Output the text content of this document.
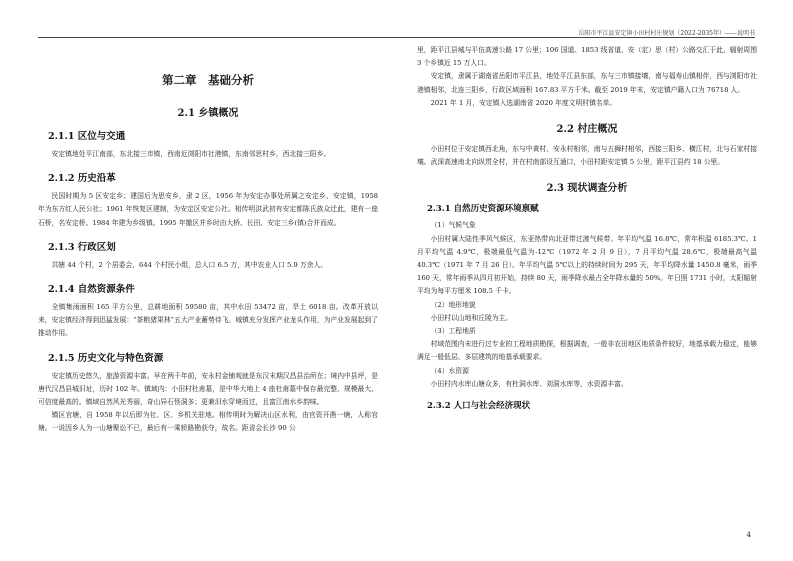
岳阳市平江县安定镇小田村村庄规划（2022-2035年）——说明书
第二章　基础分析
2.1 乡镇概况
2.1.1 区位与交通

安定镇地处平江南部，东北接三市镇，西南近浏阳市社港镇，东南邻思村乡，西北接三阳乡。

2.1.2 历史沿革

民国时期为 5 区安定乡；建国后为思安乡，隶 2 区，1956 年为安定办事处所属之安定乡、安定镇，1958 年为东方红人民公社；1961 年恢复区建制，为安定区安定公社。相传明洪武初有安定都陈氏族众迁此，建有一座石桥，名安定桥。1984 年建为乡级镇。1995 年撤区并乡时由大桥、长田、安定三乡(镇)合并而成。

2.1.3 行政区划

共辖 44 个村，2 个居委会，644 个村民小组，总人口 6.5 万，其中农业人口 5.9 万余人。

2.1.4 自然资源条件

全镇集雨面积 165 平方公里，总耕地面积 59580 亩，其中水田 53472 亩，旱土 6018 亩。改革开放以来，安定镇经济得到迅猛发展：“茶粮猪果林”五大产业蓄势待飞。城镇充分发挥产业龙头作用，为产业发展起到了推动作用。

2.1.5 历史文化与特色资源

安定镇历史悠久，旅游资源丰富。早在两千年前，安永村金铺观就是东汉末期汉昌县治所在；境内中县坪，是唐代汉昌县城旧址，历时 102 年。镇域内：小田村杜甫墓，是中华大地上 4 座杜甫墓中保存最完整、规模最大、可信度最高的。镇域自然风光秀丽，奇山异石怪洞多；更兼汨水穿境而过，且富江南水乡韵味。

镇区官塘，自 1958 年以后即为社、区、乡机关驻地。相传明时为解决山区水利，由官资开凿一塘，人称官塘。一说因乡人为一山塘聚讼不已，最后有一乘轿路勘获夺，故名。距省会长沙 90 公

里，距平江县城与平伍高速公路 17 公里；106 国道、1853 线省道、安（定）思（村）公路交汇于此，辐射周围 3 个乡镇近 15 万人口。

安定镇，隶属于湖南省岳阳市平江县，地处平江县东部，东与三市镇接壤，南与福寿山镇相伴，西与浏阳市社港镇相邻，北连三阳乡，行政区域面积 167.83 平方千米。截至 2019 年末，安定镇户籍人口为 76718 人。

2021 年 1 月，安定镇入选湖南省 2020 年度文明村镇名单。

2.2 村庄概况

小田村位于安定镇西北角，东与中黄村、安永村相邻，南与五狮村相邻，西接三阳乡、横江村，北与石家村接壤。武深高速南北向纵贯全村，并在村南部设互通口，小田村距安定镇 5 公里，距平江县约 18 公里。

2.3 现状调查分析
2.3.1 自然历史资源环境禀赋

（1）气候气象

小田村属大陆性季风气候区，东亚热带向北亚带过渡气候带。年平均气温 16.8℃，常年积温 6185.3℃。1 月平均气温 4.9℃，极端最低气温为-12℃（1972 年 2 月 9 日），7 月平均气温 28.6℃，极端最高气温 40.3℃（1971 年 7 月 26 日）。年平均气温 5℃以上的持续时间为 295 天，年平均降水量 1450.8 毫米，雨季 160 天，常年雨季从四月初开始，持续 80 天，雨季降水最占全年降水量的 50%。年日照 1731 小时，太阳辐射平均为每平方厘米 108.5 千卡。

（2）地形地貌

小田村以山地和丘陵为主。

（3）工程地质

村域范围内未进行过专业的工程地质勘探，根据调查，一般非农田地区地质条件较好，地基承载力稳定，能够满足一般低层、多层建筑的地基承载要求。

（4）水资源

小田村内水库山塘众多，有杜洞水库、刘洞水库等，水资源丰富。

2.3.2 人口与社会经济现状
4
